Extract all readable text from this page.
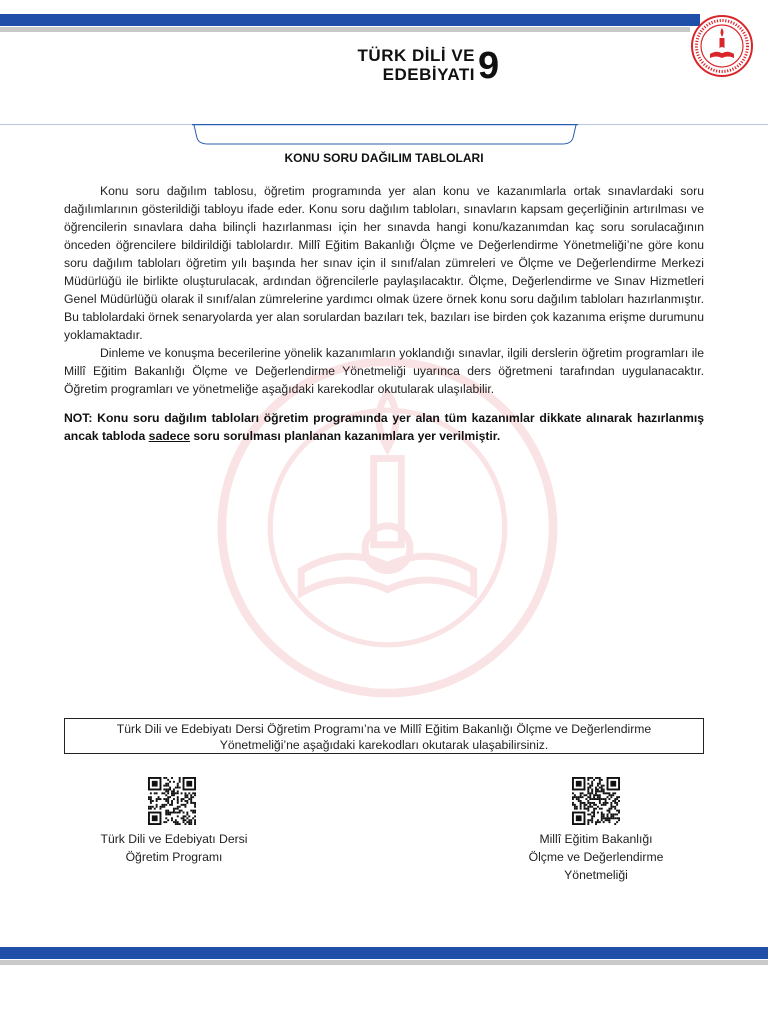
TÜRK DİLİ VE
EDEBİYATI 9
KONU SORU DAĞILIM TABLOLARI

Konu soru dağılım tablosu, öğretim programında yer alan konu ve kazanımlarla ortak sınavlardaki soru dağılımlarının gösterildiği tabloyu ifade eder. Konu soru dağılım tabloları, sınavların kapsam geçerliğinin artırılması ve öğrencilerin sınavlara daha bilinçli hazırlanması için her sınavda hangi konu/kazanımdan kaç soru sorulacağının önceden öğrencilere bildirildiği tablolardır. Millî Eğitim Bakanlığı Ölçme ve Değerlendirme Yönetmeliği’ne göre konu soru dağılım tabloları öğretim yılı başında her sınav için il sınıf/alan zümreleri ve Ölçme ve Değerlendirme Merkezi Müdürlüğü ile birlikte oluşturulacak, ardından öğrencilerle paylaşılacaktır. Ölçme, Değerlendirme ve Sınav Hizmetleri Genel Müdürlüğü olarak il sınıf/alan zümrelerine yardımcı olmak üzere örnek konu soru dağılım tabloları hazırlanmıştır. Bu tablolardaki örnek senaryolarda yer alan sorulardan bazıları tek, bazıları ise birden çok kazanıma erişme durumunu yoklamaktadır.

Dinleme ve konuşma becerilerine yönelik kazanımların yoklandığı sınavlar, ilgili derslerin öğretim programları ile Millî Eğitim Bakanlığı Ölçme ve Değerlendirme Yönetmeliği uyarınca ders öğretmeni tarafından uygulanacaktır. Öğretim programları ve yönetmeliğe aşağıdaki karekodlar okutularak ulaşılabilir.

NOT: Konu soru dağılım tabloları öğretim programında yer alan tüm kazanımlar dikkate alınarak hazırlanmış ancak tabloda sadece soru sorulması planlanan kazanımlara yer verilmiştir.
Türk Dili ve Edebiyatı Dersi Öğretim Programı’na ve Millî Eğitim Bakanlığı Ölçme ve Değerlendirme
Yönetmeliği’ne aşağıdaki karekodları okutarak ulaşabilirsiniz.
Türk Dili ve Edebiyatı Dersi
Öğretim Programı
Millî Eğitim Bakanlığı
Ölçme ve Değerlendirme
Yönetmeliği
